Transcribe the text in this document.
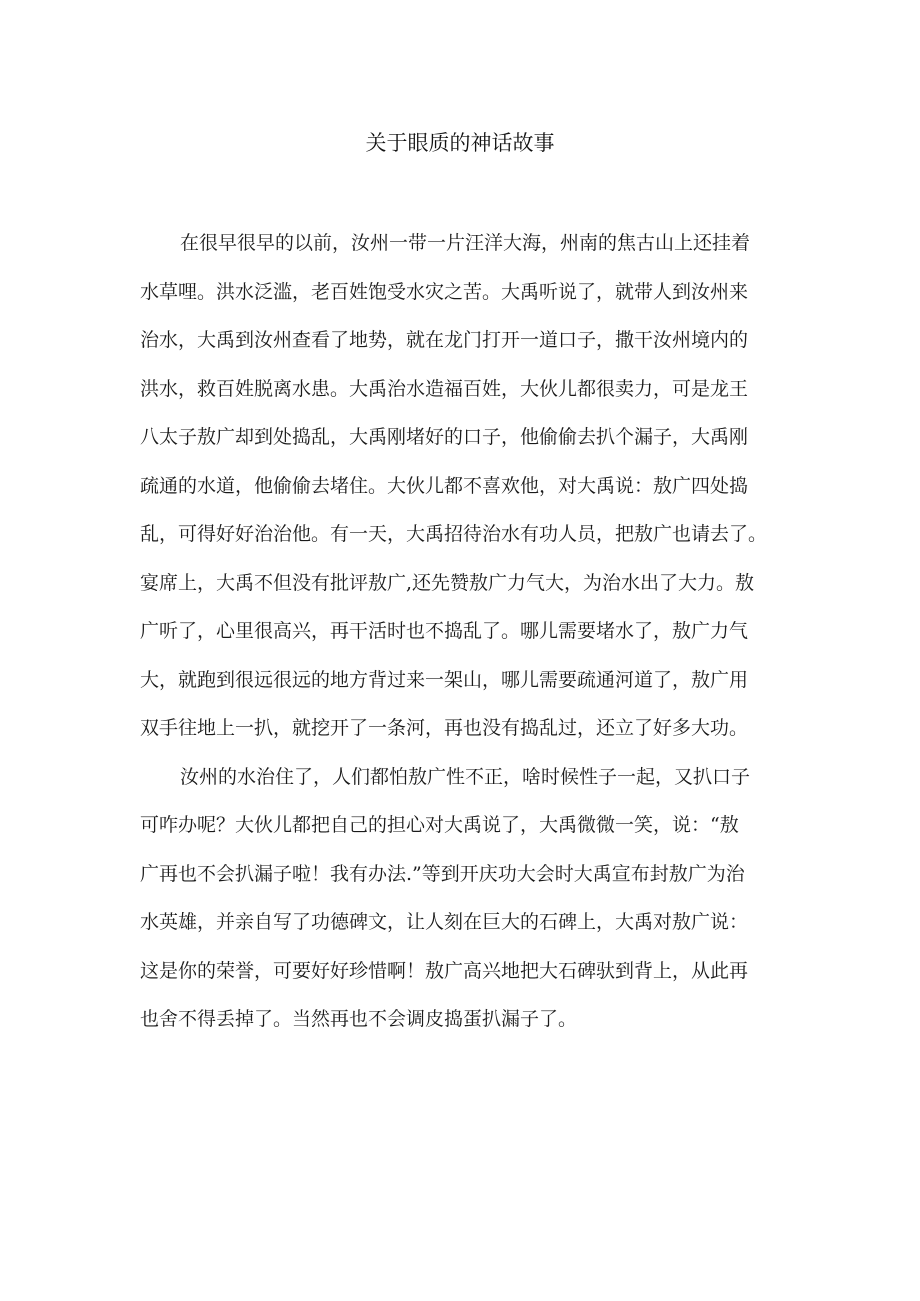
关于眼质的神话故事
在很早很早的以前，汝州一带一片汪洋大海，州南的焦古山上还挂着
水草哩。洪水泛滥，老百姓饱受水灾之苦。大禹听说了，就带人到汝州来
治水，大禹到汝州查看了地势，就在龙门打开一道口子，撒干汝州境内的
洪水，救百姓脱离水患。大禹治水造福百姓，大伙儿都很卖力，可是龙王
八太子敖广却到处捣乱，大禹刚堵好的口子，他偷偷去扒个漏子，大禹刚
疏通的水道，他偷偷去堵住。大伙儿都不喜欢他，对大禹说：敖广四处捣
乱，可得好好治治他。有一天，大禹招待治水有功人员，把敖广也请去了。
宴席上，大禹不但没有批评敖广,还先赞敖广力气大，为治水出了大力。敖
广听了，心里很高兴，再干活时也不捣乱了。哪儿需要堵水了，敖广力气
大，就跑到很远很远的地方背过来一架山，哪儿需要疏通河道了，敖广用
双手往地上一扒，就挖开了一条河，再也没有捣乱过，还立了好多大功。
汝州的水治住了，人们都怕敖广性不正，啥时候性子一起，又扒口子
可咋办呢？大伙儿都把自己的担心对大禹说了，大禹微微一笑，说：“敖
广再也不会扒漏子啦！我有办法.”等到开庆功大会时大禹宣布封敖广为治
水英雄，并亲自写了功德碑文，让人刻在巨大的石碑上，大禹对敖广说：
这是你的荣誉，可要好好珍惜啊！敖广高兴地把大石碑驮到背上，从此再
也舍不得丢掉了。当然再也不会调皮捣蛋扒漏子了。
